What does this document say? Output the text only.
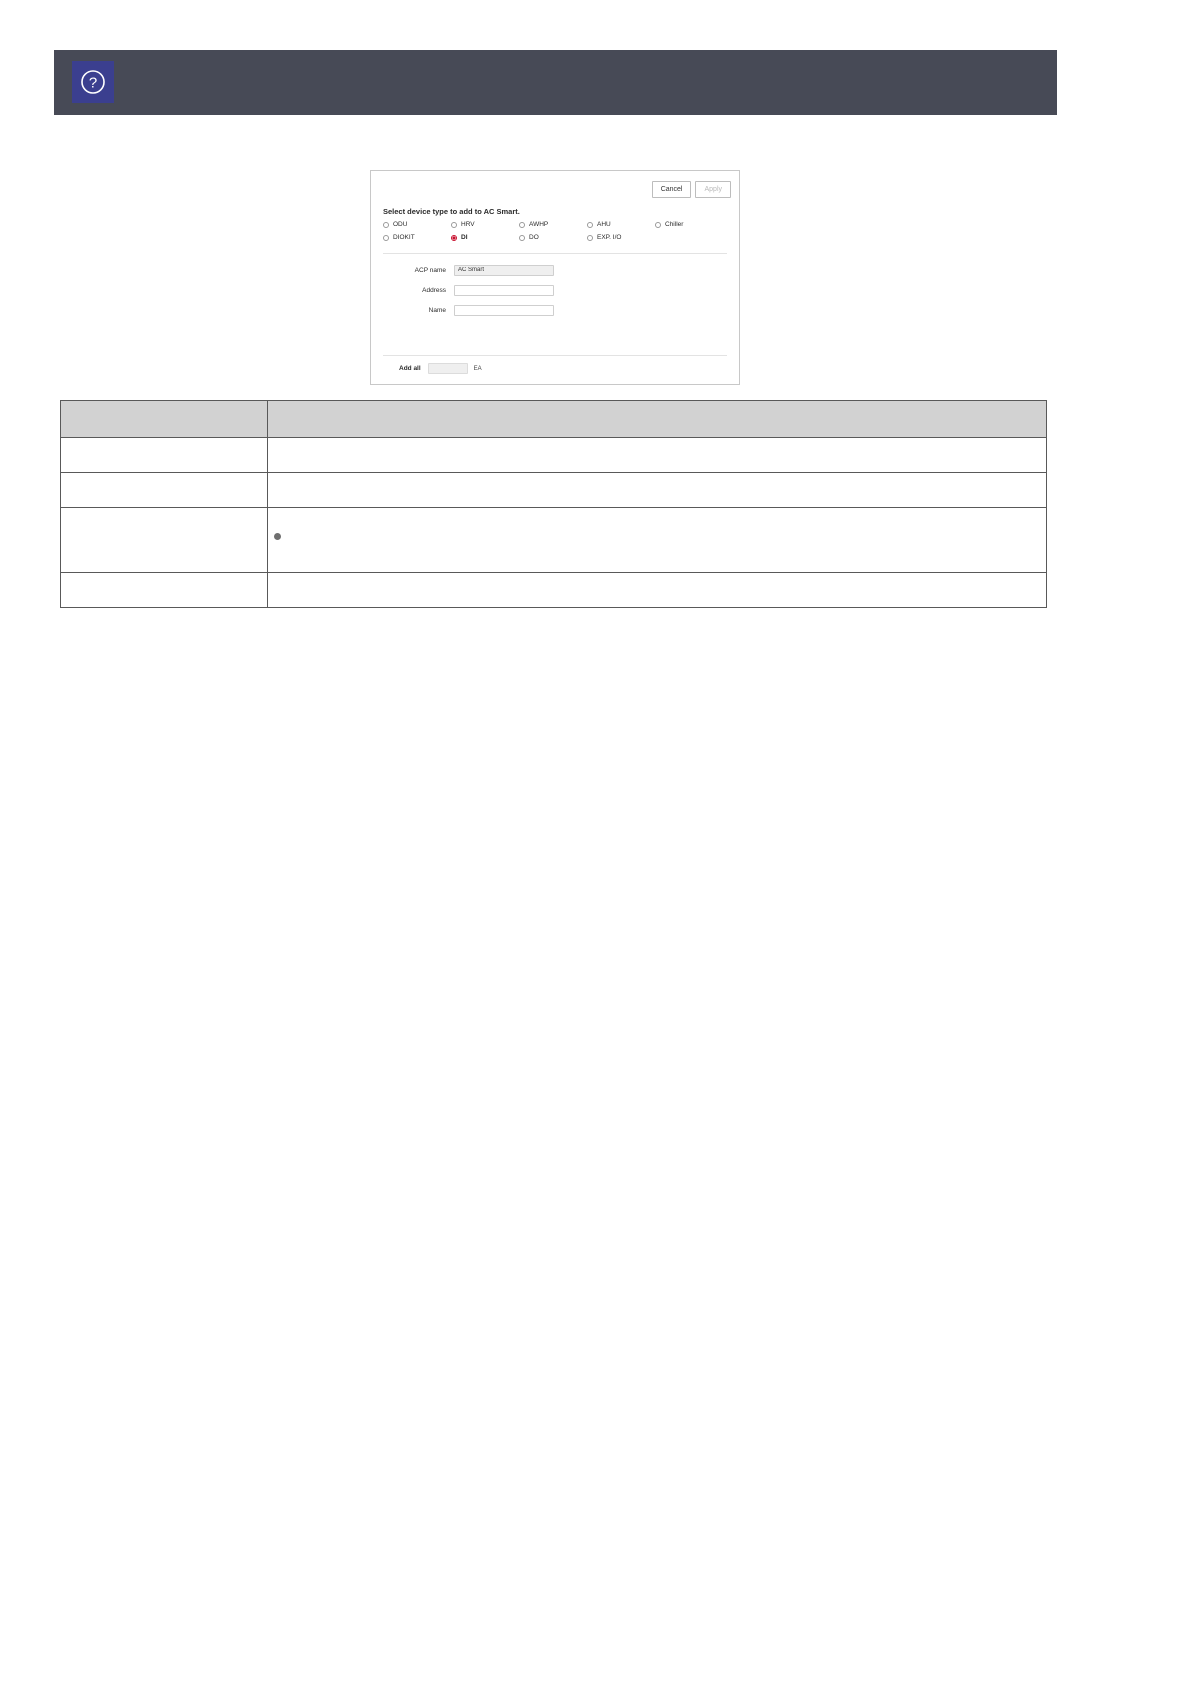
?
Cancel	Apply
Select device type to add to AC Smart.
ODU	HRV	AWHP	AHU	Chiller
DIOKIT	DI	DO	EXP. I/O
ACP name
AC Smart
Address
Name
Add all	EA
